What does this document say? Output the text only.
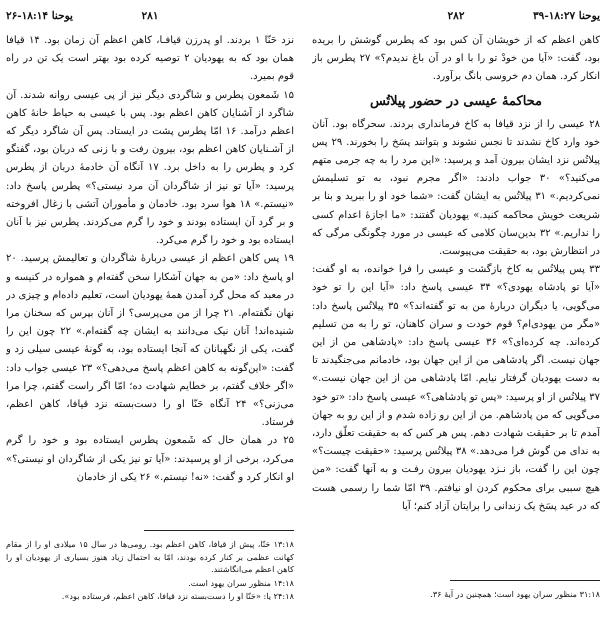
یوحنا ۱۸:۲۷-۳۹
۲۸۲

کاهن اعظم که از خویشان آن کس بود که پطرس گوشش را بریده بود، گفت: «آیا من خودْ تو را با او در آن باغ ندیدم؟» ۲۷ پطرس باز انکار کرد. همان دم خروسی بانگ برآورد.

محاکمۀ عیسی در حضور پیلاتُس

۲۸ عیسی را از نزد قیافا به کاخ فرمانداری بردند. سحرگاه بود. آنان خود وارد کاخ نشدند تا نجس نشوند و بتوانند پسَخ را بخورند. ۲۹ پس پیلاتُس نزد ایشان بیرون آمد و پرسید: «این مرد را به چه جرمی متهم می‌کنید؟» ۳۰ جواب دادند: «اگر مجرم نبود، به تو تسلیمش نمی‌کردیم.» ۳۱ پیلاتُس به ایشان گفت: «شما خود او را ببرید و بنا بر شریعت خویش محاکمه کنید.» یهودیان گفتند: «ما اجازۀ اعدام کسی را نداریم.» ۳۲ بدین‌سان کلامی که عیسی در مورد چگونگی مرگی که در انتظارش بود، به حقیقت می‌پیوست.

۳۳ پس پیلاتُس به کاخ بازگشت و عیسی را فرا خوانده، به او گفت: «آیا تو پادشاه یهودی؟» ۳۴ عیسی پاسخ داد: «آیا این را تو خود می‌گویی، یا دیگران دربارۀ من به تو گفته‌اند؟» ۳۵ پیلاتُس پاسخ داد: «مگر من یهودی‌ام؟ قوم خودت و سران کاهنان، تو را به من تسلیم کرده‌اند. چه کرده‌ای؟» ۳۶ عیسی پاسخ داد: «پادشاهی من از این جهان نیست. اگر پادشاهی من از این جهان بود، خادمانم می‌جنگیدند تا به دست یهودیان گرفتار نیایم. امّا پادشاهی من از این جهان نیست.» ۳۷ پیلاتُس از او پرسید: «پس تو پادشاهی؟» عیسی پاسخ داد: «تو خود می‌گویی که من پادشاهم. من از این رو زاده شدم و از این رو به جهان آمدم تا بر حقیقت شهادت دهم. پس هر کس که به حقیقت تعلّق دارد، به ندای من گوش فرا می‌دهد.» ۳۸ پیلاتُس پرسید: «حقیقت چیست؟» چون این را گفت، باز نـزد یهودیان بیرون رفـت و به آنها گفت: «من هیچ سببی برای محکوم کردن او نیافتم. ۳۹ امّا شما را رسمی هست که در عید پسَخ یک زندانی را برایتان آزاد کنم؛ آیا

۳۱:۱۸ منظور سران یهود است؛ همچنین در آیۀ ۳۶.

۲۸۱
یوحنا ۱۸:۱۴-۲۶

نزد حَنّا ۱ بردند. او پدرزن قیافـا، کاهن اعظم آن زمان بود. ۱۴ قیافا همان بود که به یهودیان ۲ توصیه کرده بود بهتر است یک تن در راه قوم بمیرد.

۱۵ شَمعون پطرس و شاگردی دیگر نیز از پی عیسی روانه شدند. آن شاگرد از آشنایان کاهن اعظم بود. پس با عیسی به حیاط خانۀ کاهن اعظم درآمد. ۱۶ امّا پطرس پشت در ایستاد. پس آن شاگرد دیگر که از آشـنایان کاهن اعظم بود، بیرون رفت و با زنی که دربان بود، گفتگو کرد و پطرس را به داخل برد. ۱۷ آنگاه آن خادمۀ دربان از پطرس پرسید: «آیا تو نیز از شاگردان آن مرد نیستی؟» پطرس پاسخ داد: «نیستم.» ۱۸ هوا سرد بود. خادمان و مأموران آتشی با زغال افروخته و بر گرد آن ایستاده بودند و خود را گرم می‌کردند. پطرس نیز با آنان ایستاده بود و خود را گرم می‌کرد.

۱۹ پس کاهن اعظم از عیسی دربارۀ شاگردان و تعالیمش پرسید. ۲۰ او پاسخ داد: «من به جهان آشکارا سخن گفته‌ام و همواره در کنیسه و در معبد که محل گرد آمدن همۀ یهودیان است، تعلیم داده‌ام و چیزی در نهان نگفته‌ام. ۲۱ چرا از من می‌پرسی؟ از آنان بپرس که سخنان مرا شنیده‌اند! آنان نیک می‌دانند به ایشان چه گفته‌ام.» ۲۲ چون این را گفت، یکی از نگهبانان که آنجا ایستاده بود، به گونۀ عیسی سیلی زد و گفت: «این‌گونه به کاهن اعظم پاسخ می‌دهی؟» ۲۳ عیسی جواب داد: «اگر خلاف گفتم، بر خطایم شهادت ده؛ امّا اگر راست گفتم، چرا مرا می‌زنی؟» ۲۴ آنگاه حَنّا او را دست‌بسته نزد قیافا، کاهن اعظم، فرستاد.

۲۵ در همان حال که شَمعون پطرس ایستاده بود و خود را گرم می‌کرد، برخی از او پرسیدند: «آیا تو نیز یکی از شاگردان او نیستی؟» او انکار کرد و گفت: «نه! نیستم.» ۲۶ یکی از خادمان

۱۳:۱۸ حَنّا، پیش از قیافا، کاهن اعظم بود. رومی‌ها در سال ۱۵ میلادی او را از مقام کهانت عظمی بر کنار کرده بودند، امّا به احتمال زیاد هنوز بسیاری از یهودیان او را کاهن اعظم می‌انگاشتند.

۱۴:۱۸ منظور سران یهود است.

۲۴:۱۸ یا: «حَنّا او را دست‌بسته نزد قیافا، کاهن اعظم، فرستاده بود».
